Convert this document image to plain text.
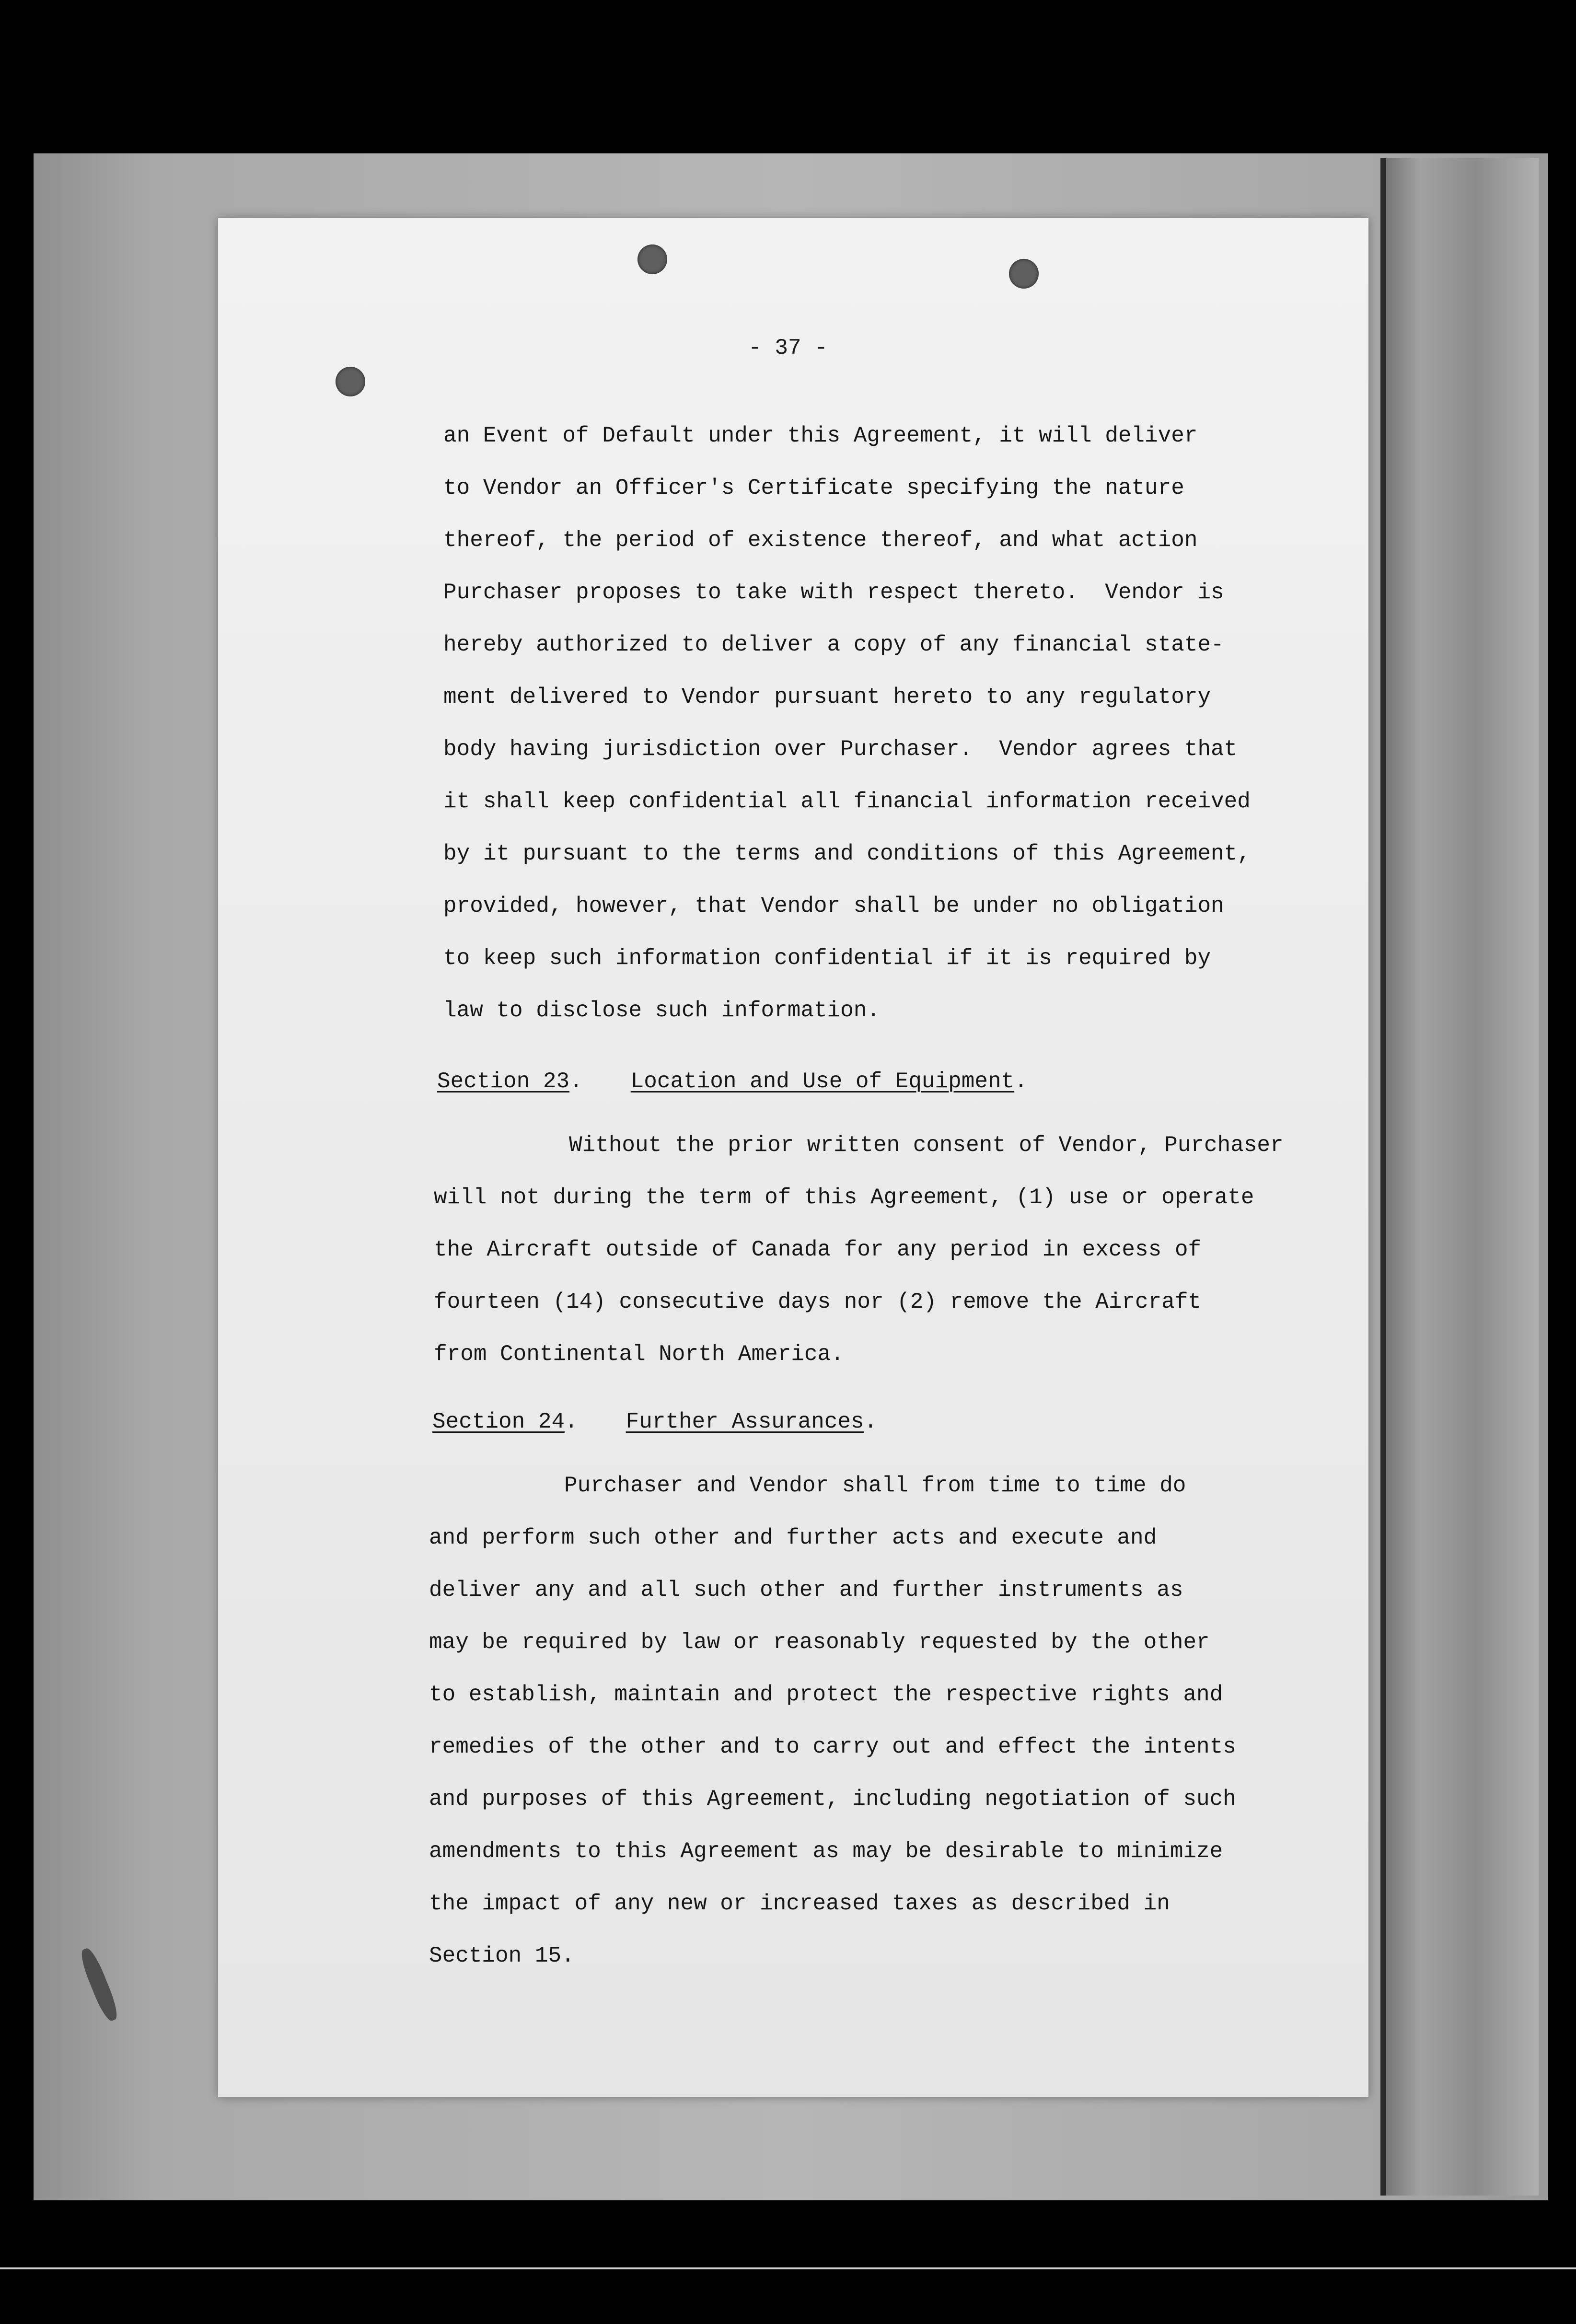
- 37 -
an Event of Default under this Agreement, it will deliver
to Vendor an Officer's Certificate specifying the nature
thereof, the period of existence thereof, and what action
Purchaser proposes to take with respect thereto.  Vendor is
hereby authorized to deliver a copy of any financial state-
ment delivered to Vendor pursuant hereto to any regulatory
body having jurisdiction over Purchaser.  Vendor agrees that
it shall keep confidential all financial information received
by it pursuant to the terms and conditions of this Agreement,
provided, however, that Vendor shall be under no obligation
to keep such information confidential if it is required by
law to disclose such information.
Section 23. Location and Use of Equipment.
Without the prior written consent of Vendor, Purchaser
will not during the term of this Agreement, (1) use or operate
the Aircraft outside of Canada for any period in excess of
fourteen (14) consecutive days nor (2) remove the Aircraft
from Continental North America.
Section 24. Further Assurances.
Purchaser and Vendor shall from time to time do
and perform such other and further acts and execute and
deliver any and all such other and further instruments as
may be required by law or reasonably requested by the other
to establish, maintain and protect the respective rights and
remedies of the other and to carry out and effect the intents
and purposes of this Agreement, including negotiation of such
amendments to this Agreement as may be desirable to minimize
the impact of any new or increased taxes as described in
Section 15.
